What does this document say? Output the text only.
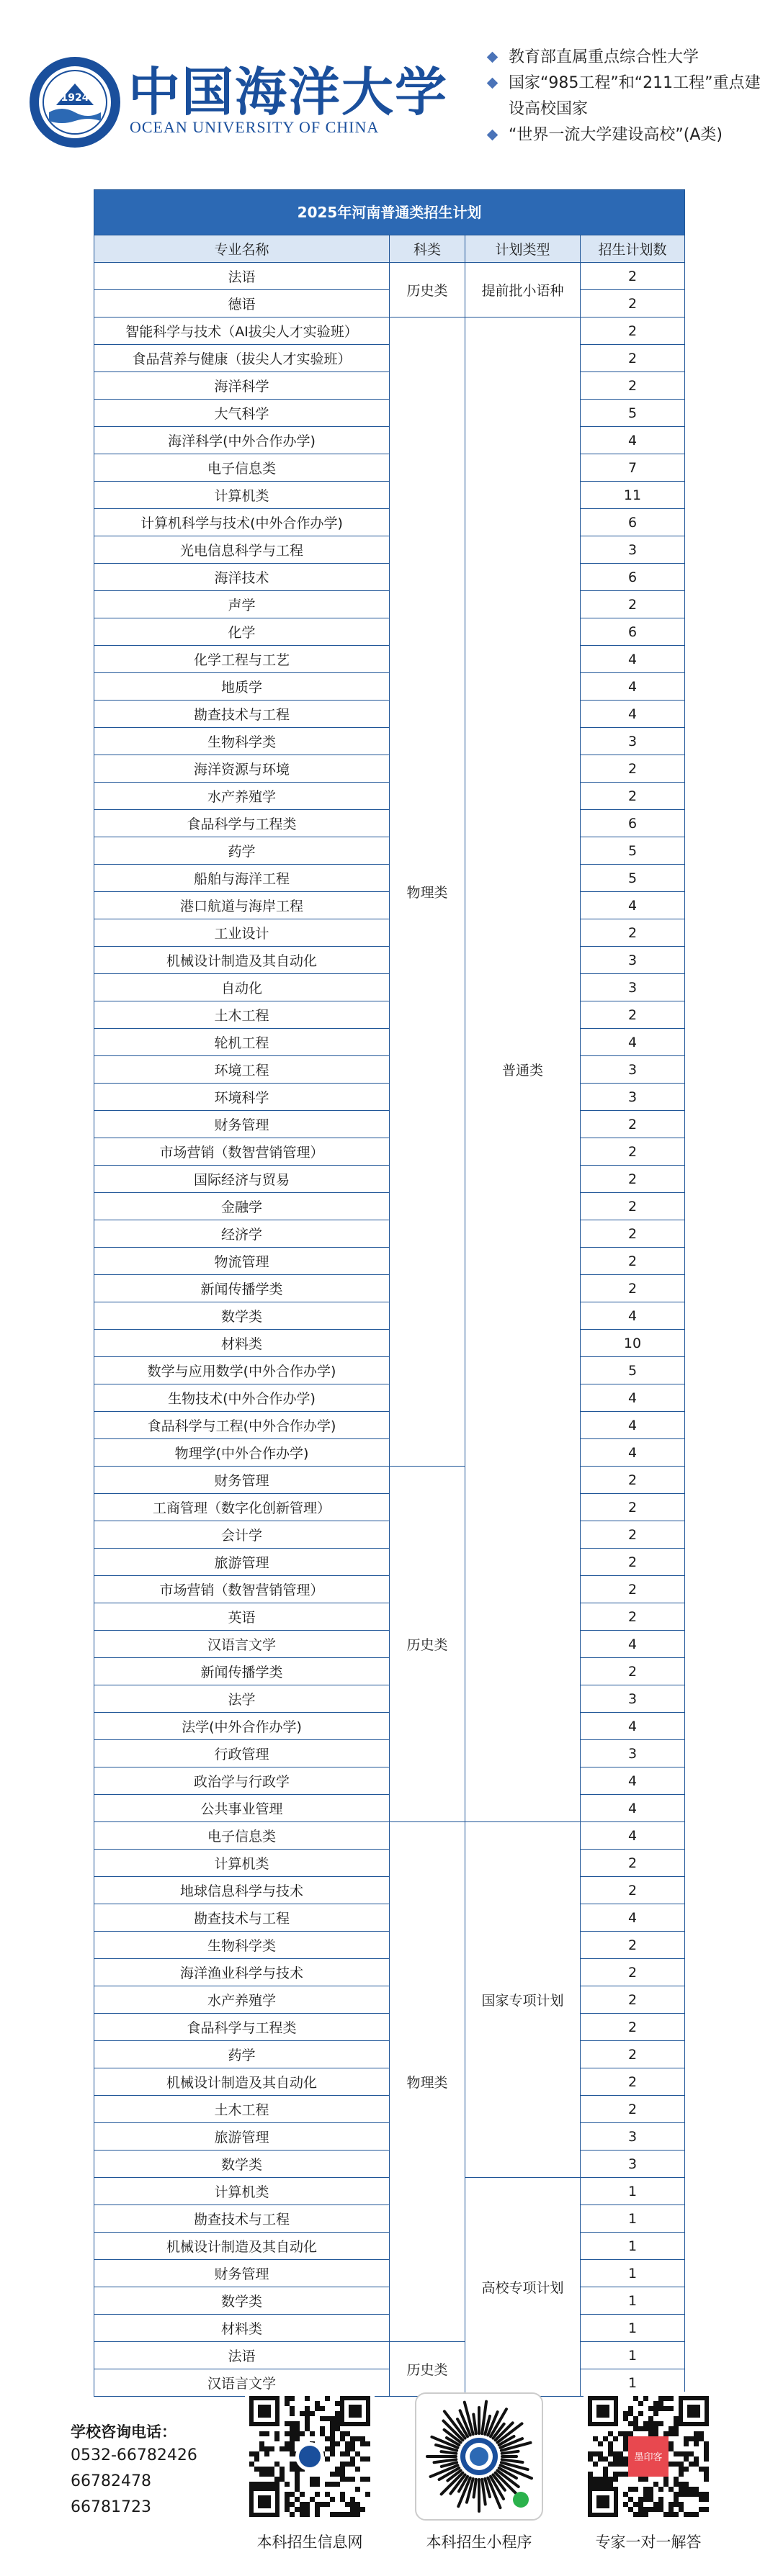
1924 中国海洋大学
OCEAN UNIVERSITY OF CHINA
教育部直属重点综合性大学
国家“985工程”和“211工程”重点建设高校国家
“世界一流大学建设高校”(A类)
2025年河南普通类招生计划
专业名称	科类	计划类型	招生计划数
法语	历史类	提前批小语种	2
德语			2
智能科学与技术（AI拔尖人才实验班）	物理类	普通类	2
食品营养与健康（拔尖人才实验班）			2
海洋科学			2
大气科学			5
海洋科学(中外合作办学)			4
电子信息类			7
计算机类			11
计算机科学与技术(中外合作办学)			6
光电信息科学与工程			3
海洋技术			6
声学			2
化学			6
化学工程与工艺			4
地质学			4
勘查技术与工程			4
生物科学类			3
海洋资源与环境			2
水产养殖学			2
食品科学与工程类			6
药学			5
船舶与海洋工程			5
港口航道与海岸工程			4
工业设计			2
机械设计制造及其自动化			3
自动化			3
土木工程			2
轮机工程			4
环境工程			3
环境科学			3
财务管理			2
市场营销（数智营销管理）			2
国际经济与贸易			2
金融学			2
经济学			2
物流管理			2
新闻传播学类			2
数学类			4
材料类			10
数学与应用数学(中外合作办学)			5
生物技术(中外合作办学)			4
食品科学与工程(中外合作办学)			4
物理学(中外合作办学)			4
财务管理	历史类		2
工商管理（数字化创新管理）			2
会计学			2
旅游管理			2
市场营销（数智营销管理）			2
英语			2
汉语言文学			4
新闻传播学类			2
法学			3
法学(中外合作办学)			4
行政管理			3
政治学与行政学			4
公共事业管理			4
电子信息类	物理类	国家专项计划	4
计算机类			2
地球信息科学与技术			2
勘查技术与工程			4
生物科学类			2
海洋渔业科学与技术			2
水产养殖学			2
食品科学与工程类			2
药学			2
机械设计制造及其自动化			2
土木工程			2
旅游管理			3
数学类			3
计算机类		高校专项计划	1
勘查技术与工程			1
机械设计制造及其自动化			1
财务管理			1
数学类			1
材料类			1
法语	历史类		1
汉语言文学			1
学校咨询电话：
0532-66782426
66782478
66781723
本科招生信息网	本科招生小程序
墨印客
专家一对一解答
